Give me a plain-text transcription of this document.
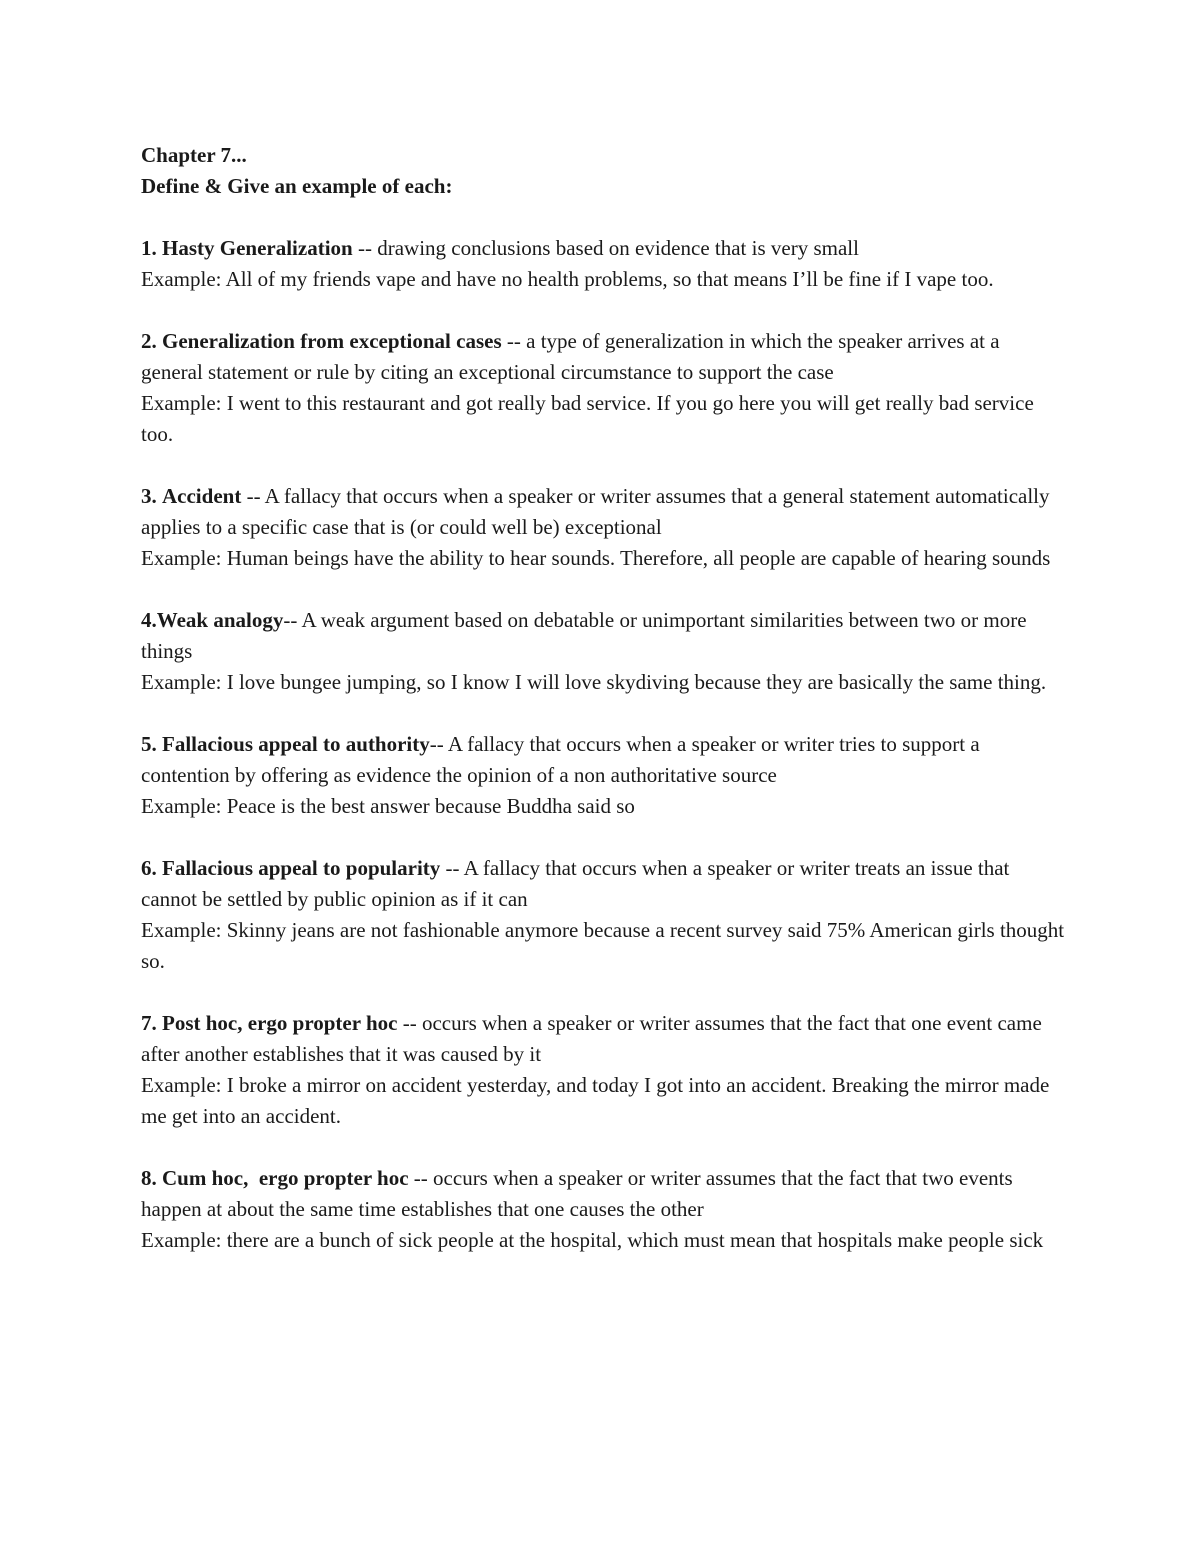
Chapter 7...

Define & Give an example of each:

1. Hasty Generalization -- drawing conclusions based on evidence that is very small

Example: All of my friends vape and have no health problems, so that means I’ll be fine if I vape too.

2. Generalization from exceptional cases -- a type of generalization in which the speaker arrives at a general statement or rule by citing an exceptional circumstance to support the case

Example: I went to this restaurant and got really bad service. If you go here you will get really bad service too.

3. Accident -- A fallacy that occurs when a speaker or writer assumes that a general statement automatically applies to a specific case that is (or could well be) exceptional

Example: Human beings have the ability to hear sounds. Therefore, all people are capable of hearing sounds

4.Weak analogy-- A weak argument based on debatable or unimportant similarities between two or more things

Example: I love bungee jumping, so I know I will love skydiving because they are basically the same thing.

5. Fallacious appeal to authority-- A fallacy that occurs when a speaker or writer tries to support a contention by offering as evidence the opinion of a non authoritative source

Example: Peace is the best answer because Buddha said so

6. Fallacious appeal to popularity -- A fallacy that occurs when a speaker or writer treats an issue that cannot be settled by public opinion as if it can

Example: Skinny jeans are not fashionable anymore because a recent survey said 75% American girls thought so.

7. Post hoc, ergo propter hoc -- occurs when a speaker or writer assumes that the fact that one event came after another establishes that it was caused by it

Example: I broke a mirror on accident yesterday, and today I got into an accident. Breaking the mirror made me get into an accident.

8. Cum hoc,  ergo propter hoc -- occurs when a speaker or writer assumes that the fact that two events happen at about the same time establishes that one causes the other

Example: there are a bunch of sick people at the hospital, which must mean that hospitals make people sick
